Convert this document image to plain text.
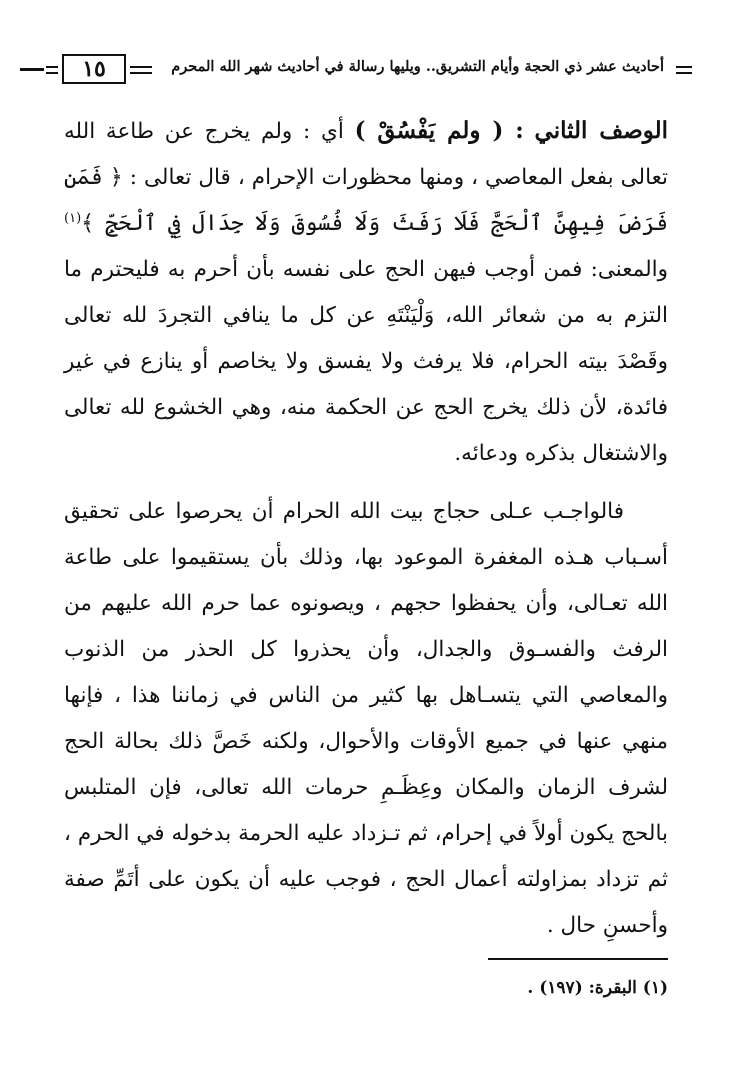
١٥	أحاديث عشر ذي الحجة وأيام التشريق.. ويليها رسالة في أحاديث شهر الله المحرم

الوصف الثاني : ( ولم يَفْسُقْ ) أي : ولم يخرج عن طاعة الله تعالى بفعل المعاصي ، ومنها محظورات الإحرام ، قال تعالى : ﴿ فَمَن فَرَضَ فِيهِنَّ ٱلْحَجَّ فَلَا رَفَثَ وَلَا فُسُوقَ وَلَا جِدَالَ فِي ٱلْحَجِّ ﴾$^{(١)}$ والمعنى: فمن أوجب فيهن الحج على نفسه بأن أحرم به فليحترم ما التزم به من شعائر الله، وَلْيَنْتَهِ عن كل ما ينافي التجردَ لله تعالى وقَصْدَ بيته الحرام، فلا يرفث ولا يفسق ولا يخاصم أو ينازع في غير فائدة، لأن ذلك يخرج الحج عن الحكمة منه، وهي الخشوع لله تعالى والاشتغال بذكره ودعائه.

فالواجـب عـلى حجاج بيت الله الحرام أن يحرصوا على تحقيق أسـباب هـذه المغفرة الموعود بها، وذلك بأن يستقيموا على طاعة الله تعـالى، وأن يحفظوا حجهم ، ويصونوه عما حرم الله عليهم من الرفث والفسـوق والجدال، وأن يحذروا كل الحذر من الذنوب والمعاصي التي يتسـاهل بها كثير من الناس في زماننا هذا ، فإنها منهي عنها في جميع الأوقات والأحوال، ولكنه خَصَّ ذلك بحالة الحج لشرف الزمان والمكان وعِظَـمِ حرمات الله تعالى، فإن المتلبس بالحج يكون أولاً في إحرام، ثم تـزداد عليه الحرمة بدخوله في الحرم ، ثم تزداد بمزاولته أعمال الحج ، فوجب عليه أن يكون على أتَمِّ صفة وأحسنِ حال .

(١) البقرة: (١٩٧) .
